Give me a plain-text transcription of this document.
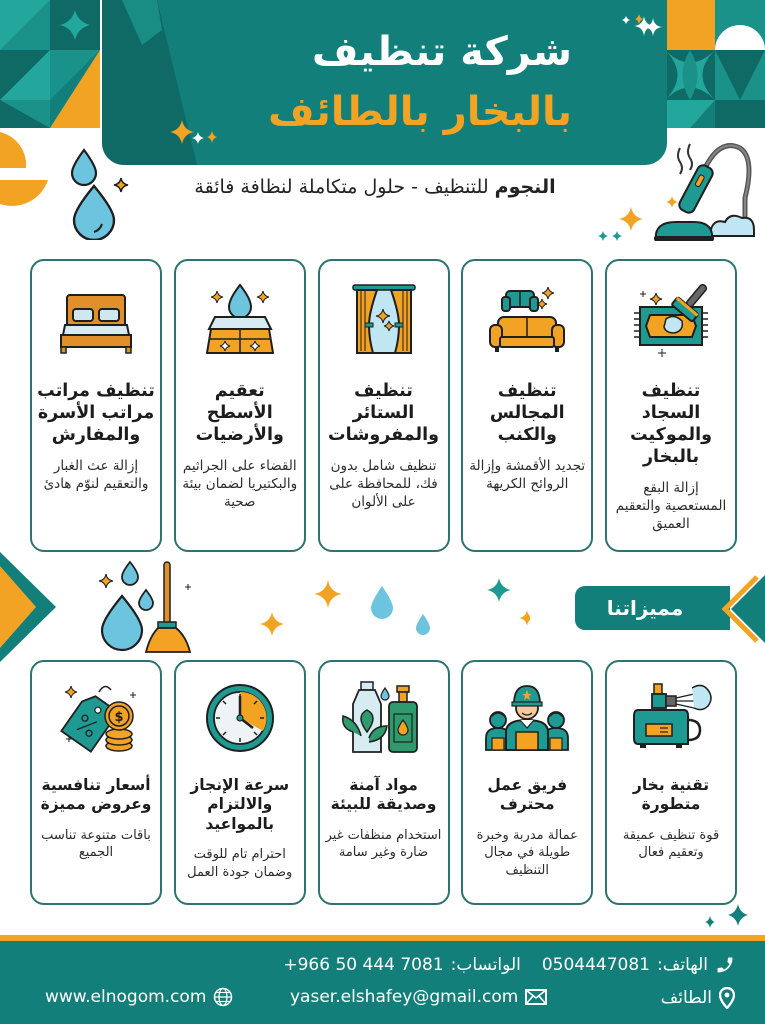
شركة تنظيف
بالبخار بالطائف
النجوم للتنظيف - حلول متكاملة لنظافة فائقة
تنظيف السجاد والموكيت بالبخار
إزالة البقع المستعصية والتعقيم العميق
تنظيف المجالس والكنب
تجديد الأقمشة وإزالة الروائح الكريهة
تنظيف الستائر والمفروشات
تنظيف شامل بدون فك، للمحافظة على على الألوان
تعقيم الأسطح والأرضيات
القضاء على الجراثيم والبكتيريا لضمان بيئة صحية
تنظيف مراتب مراتب الأسرة والمفارش
إزالة عث الغبار والتعقيم لنوّم هادئ
مميزاتنا
تقنية بخار متطورة
قوة تنظيف عميقة وتعقيم فعال
فريق عمل محترف
عمالة مدربة وخبرة طويلة في مجال التنظيف
مواد آمنة وصديقة للبيئة
استخدام منظفات غير ضارة وغير سامة
سرعة الإنجاز والالتزام بالمواعيد
احترام تام للوقت وضمان جودة العمل
$
أسعار تنافسية وعروض مميزة
باقات متنوعة تناسب الجميع
الهاتف:
0504447081
الواتساب:
+966 50 444 7081
الطائف
yaser.elshafey@gmail.com
www.elnogom.com
